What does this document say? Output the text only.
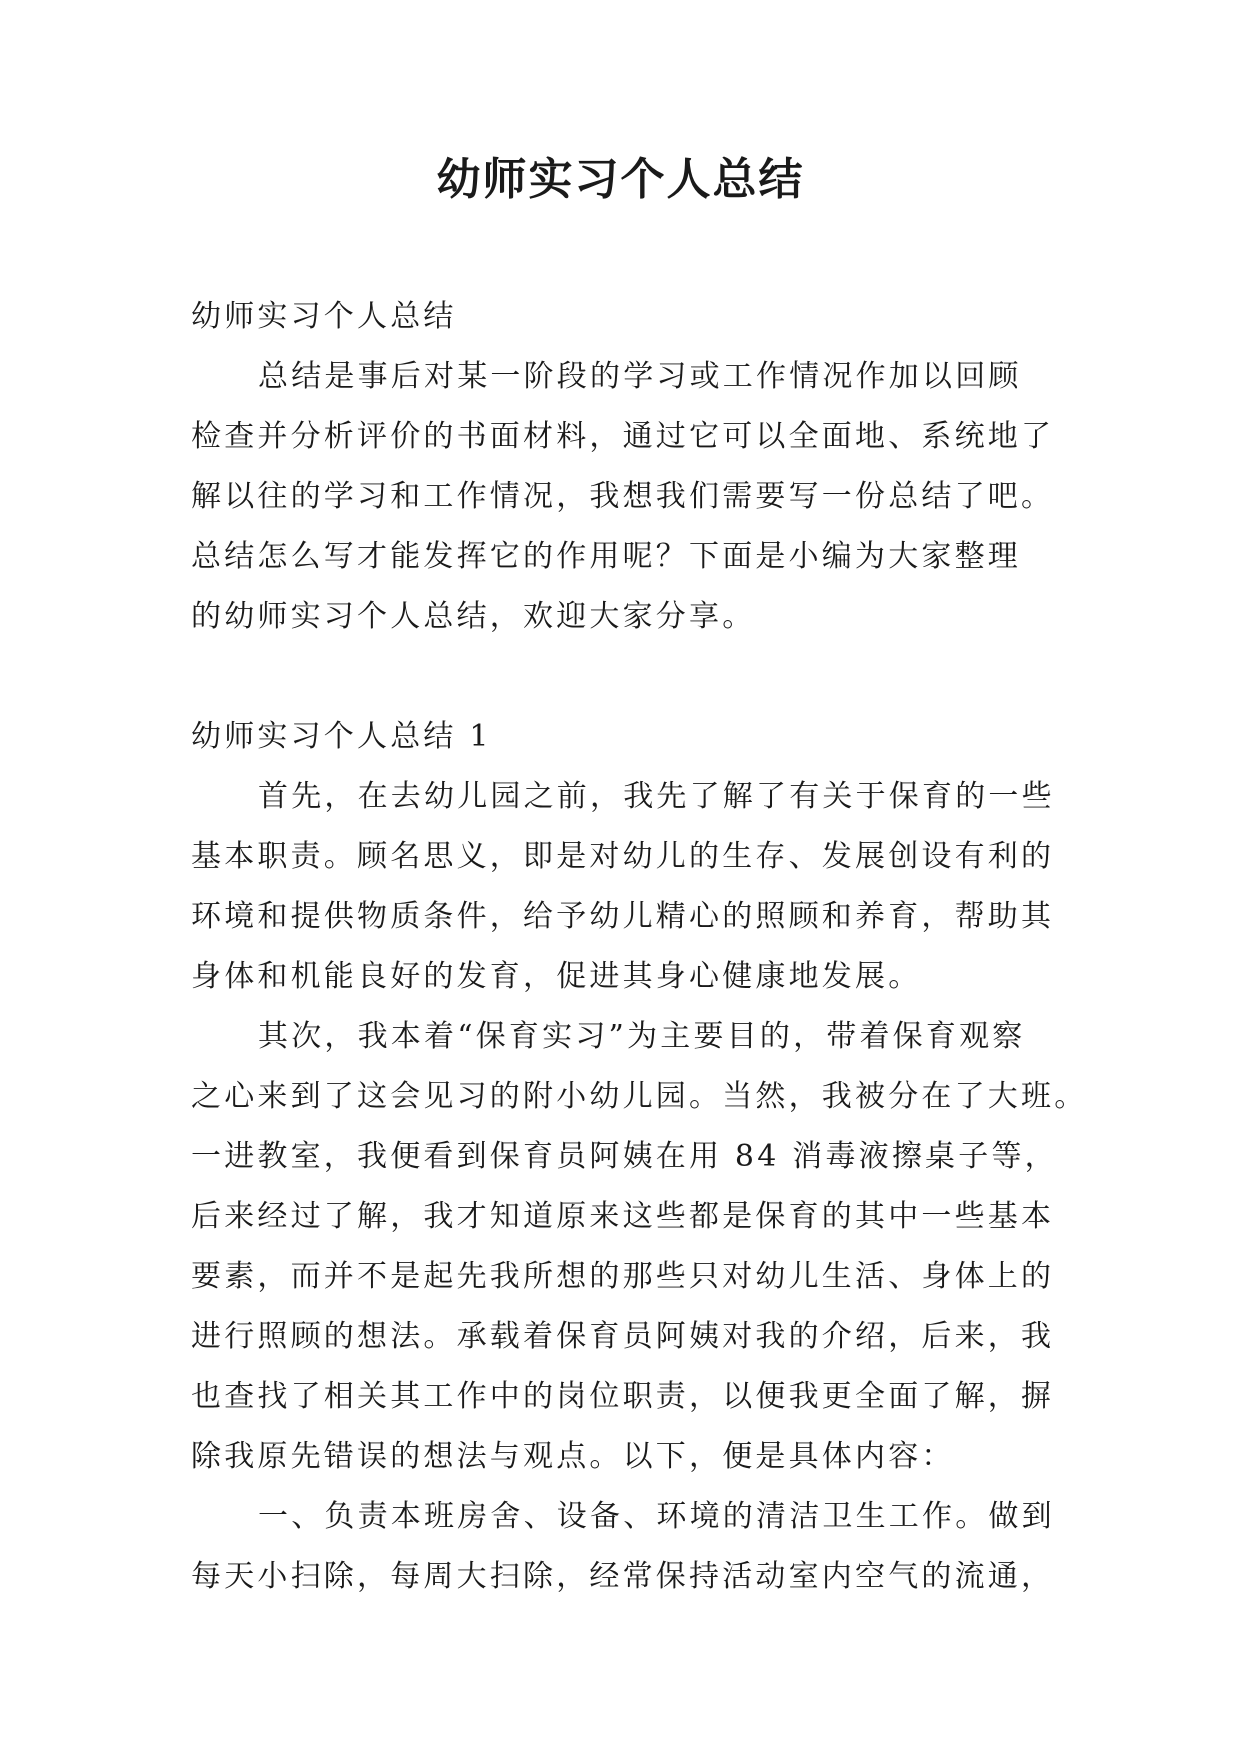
幼师实习个人总结
幼师实习个人总结
总结是事后对某一阶段的学习或工作情况作加以回顾
检查并分析评价的书面材料，通过它可以全面地、系统地了
解以往的学习和工作情况，我想我们需要写一份总结了吧。
总结怎么写才能发挥它的作用呢？下面是小编为大家整理
的幼师实习个人总结，欢迎大家分享。
幼师实习个人总结 1
首先，在去幼儿园之前，我先了解了有关于保育的一些
基本职责。顾名思义，即是对幼儿的生存、发展创设有利的
环境和提供物质条件，给予幼儿精心的照顾和养育，帮助其
身体和机能良好的发育，促进其身心健康地发展。
其次，我本着“保育实习”为主要目的，带着保育观察
之心来到了这会见习的附小幼儿园。当然，我被分在了大班。
一进教室，我便看到保育员阿姨在用 84 消毒液擦桌子等，
后来经过了解，我才知道原来这些都是保育的其中一些基本
要素，而并不是起先我所想的那些只对幼儿生活、身体上的
进行照顾的想法。承载着保育员阿姨对我的介绍，后来，我
也查找了相关其工作中的岗位职责，以便我更全面了解，摒
除我原先错误的想法与观点。以下，便是具体内容：
一、负责本班房舍、设备、环境的清洁卫生工作。做到
每天小扫除，每周大扫除，经常保持活动室内空气的流通，
